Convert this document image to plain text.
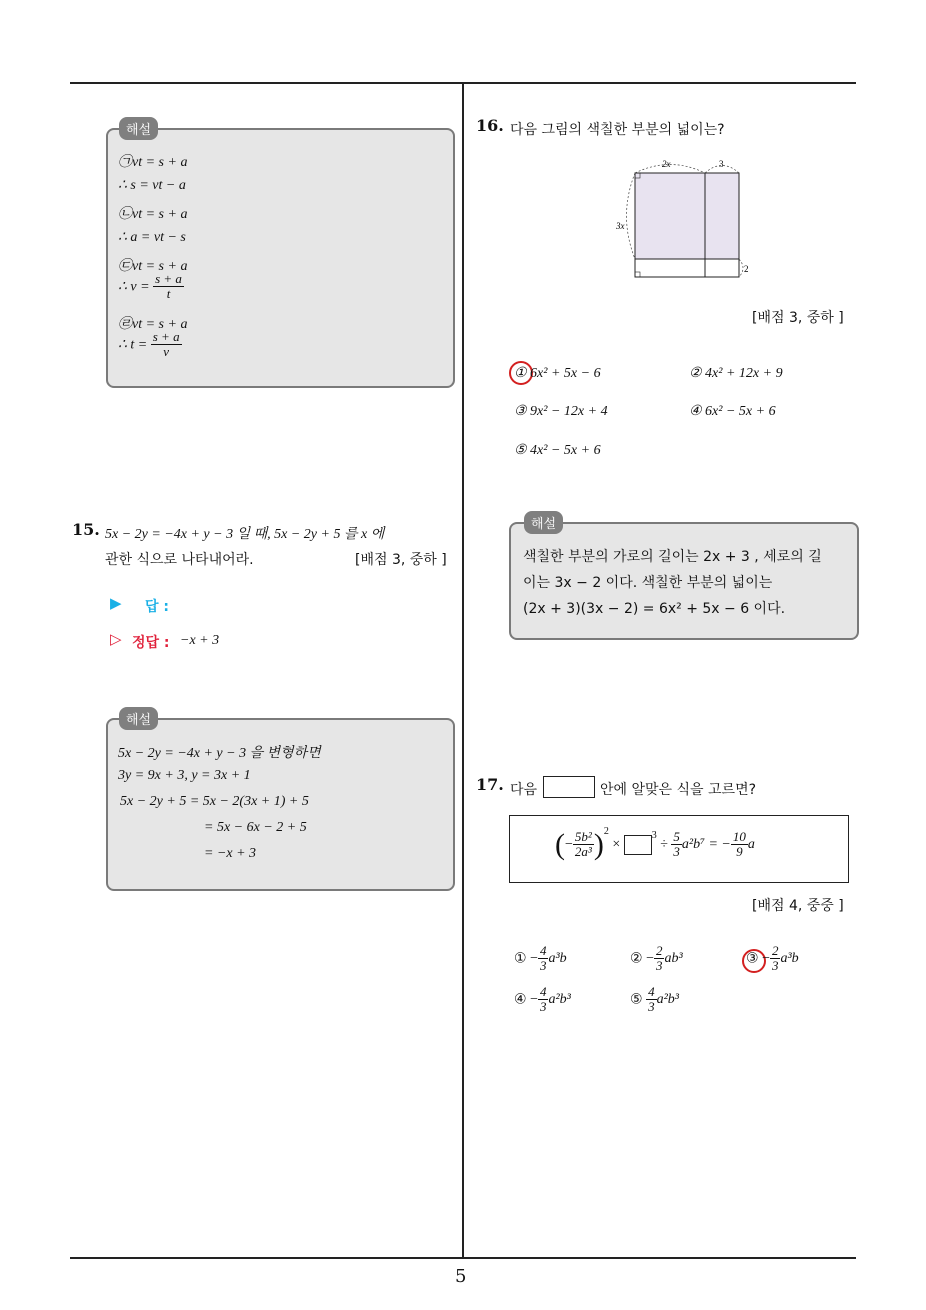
5
해설
㉠vt = s + a
∴ s = vt − a
㉡vt = s + a
∴ a = vt − s
㉢vt = s + a
∴ $v = \frac{s + a}{t}$
㉣vt = s + a
∴ $t = \frac{s + a}{v}$
15. 5x − 2y = −4x + y − 3 일 때, 5x − 2y + 5 를 x 에
관한 식으로 나타내어라.	[배점 3, 중하 ]
▶ 답 :
▷ 정답 : −x + 3
해설
5x − 2y = −4x + y − 3 을 변형하면
3y = 9x + 3, y = 3x + 1
5x − 2y + 5 = 5x − 2(3x + 1) + 5
= 5x − 6x − 2 + 5
= −x + 3
16. 다음 그림의 색칠한 부분의 넓이는?
2x	3
3x
2
[배점 3, 중하 ]
① 6x² + 5x − 6	② 4x² + 12x + 9
③ 9x² − 12x + 4	④ 6x² − 5x + 6
⑤ 4x² − 5x + 6
해설
색칠한 부분의 가로의 길이는 2x + 3 , 세로의 길
이는 3x − 2 이다. 색칠한 부분의 넓이는
(2x + 3)(3x − 2) = 6x² + 5x − 6 이다.
17. 다음	안에 알맞은 식을 고르면?
(− $\frac{\text{5b²}}{\text{2a³}} )^2 \times ^3 \div \frac{5}{3} a^2b^7$ = − $\frac{10}{9}$ a
[배점 4, 중중 ]
① − $\frac{4}{3} a^3b$	② − $\frac{2}{3} ab^3$	③ − $\frac{2}{3} a^3b$
④ − $\frac{4}{3} a^2b^3$	⑤ $\frac{4}{3} a^2b^3$
